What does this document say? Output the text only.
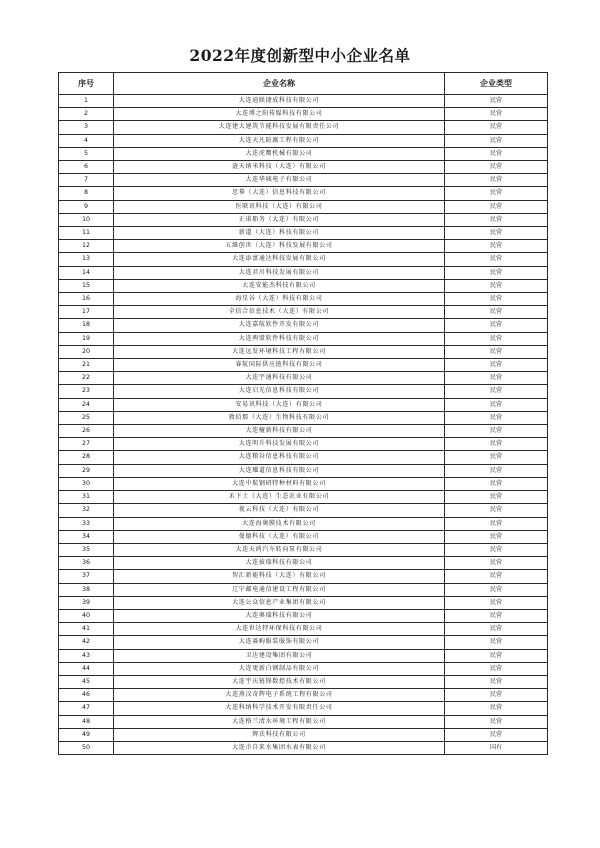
2022年度创新型中小企业名单
序号	企业名称	企业类型
1	大连迪联捷成科技有限公司	民营
2	大连博之阳传媒科技有限公司	民营
3	大连建大建筑节能科技发展有限责任公司	民营
4	大连天凡防腐工程有限公司	民营
5	大连虎鹰机械有限公司	民营
6	涟天纳米科技（大连）有限公司	民营
7	大连华城电子有限公司	民营
8	思摹（大连）信息科技有限公司	民营
9	医联讯科技（大连）有限公司	民营
10	正诺船务（大连）有限公司	民营
11	新道（大连）科技有限公司	民营
12	五維创世（大连）科技发展有限公司	民营
13	大连添富通达科技发展有限公司	民营
14	大连君川科技发展有限公司	民营
15	大连安能杰科技有限公司	民营
16	海星谷（大连）科技有限公司	民营
17	全信合信息技术（大连）有限公司	民营
18	大连嘉航软件开发有限公司	民营
19	大连两盟软件科技有限公司	民营
20	大连远发环境科技工程有限公司	民营
21	睿航国际供应链科技有限公司	民营
22	大连宇通科技有限公司	民营
23	大连启光信息科技有限公司	民营
24	安易讯科技（大连）有限公司	民营
25	敦佰那（大连）生物科技有限公司	民营
26	大连檀新科技有限公司	民营
27	大连明升科技发展有限公司	民营
28	大连粮谷信息科技有限公司	民营
29	大连耀道信息科技有限公司	民营
30	大连中航钢研特种材料有限公司	民营
31	禾下土（大连）生态农业有限公司	民营
32	视云科技（大连）有限公司	民营
33	大连海奥膜技术有限公司	民营
34	曼德科技（大连）有限公司	民营
35	大连天鸿汽车转向泵有限公司	民营
36	大连拔瑞科技有限公司	民营
37	智汇新能科技（大连）有限公司	民营
38	辽宁邮电通信建设工程有限公司	民营
39	大连公众信息产业集团有限公司	民营
40	大连奥瑞科技有限公司	民营
41	大连世达特环保科技有限公司	民营
42	大连赛峋服装服饰有限公司	民营
43	卫达建设集团有限公司	民营
44	大连更新白钢制品有限公司	民营
45	大连宇庆链锋数控技术有限公司	民营
46	大连燕汉奇辉电子系统工程有限公司	民营
47	大连科纳科学技术开发有限责任公司	民营
48	大连格兰清水环境工程有限公司	民营
49	辉氏科技有限公司	民营
50	大连市自来水集团水表有限公司	国有
